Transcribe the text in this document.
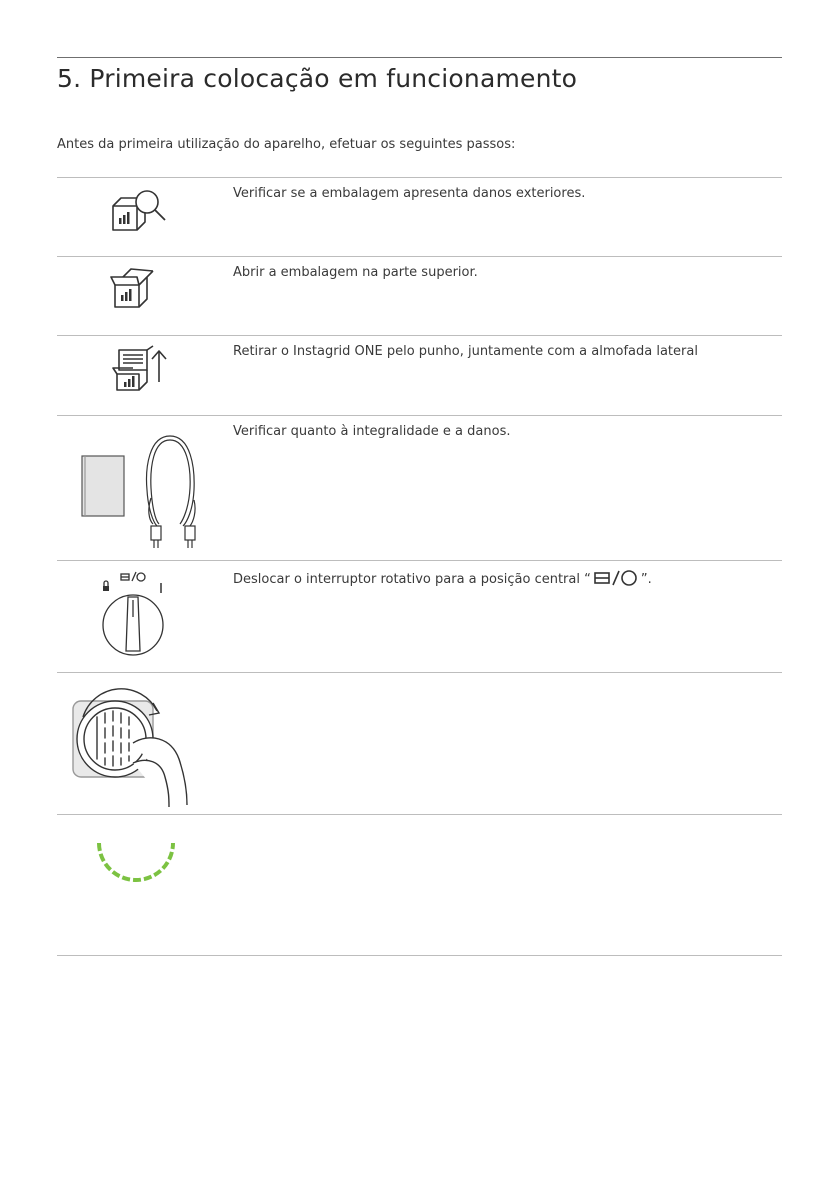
5. Primeira colocação em funcionamento

Antes da primeira utilização do aparelho, efetuar os seguintes passos:

Verificar se a embalagem apresenta danos exteriores.

Abrir a embalagem na parte superior.

Retirar o Instagrid ONE pelo punho, juntamente com a almofada lateral

Verificar quanto à integralidade e a danos.

Deslocar o interruptor rotativo para a posição central “	”.
